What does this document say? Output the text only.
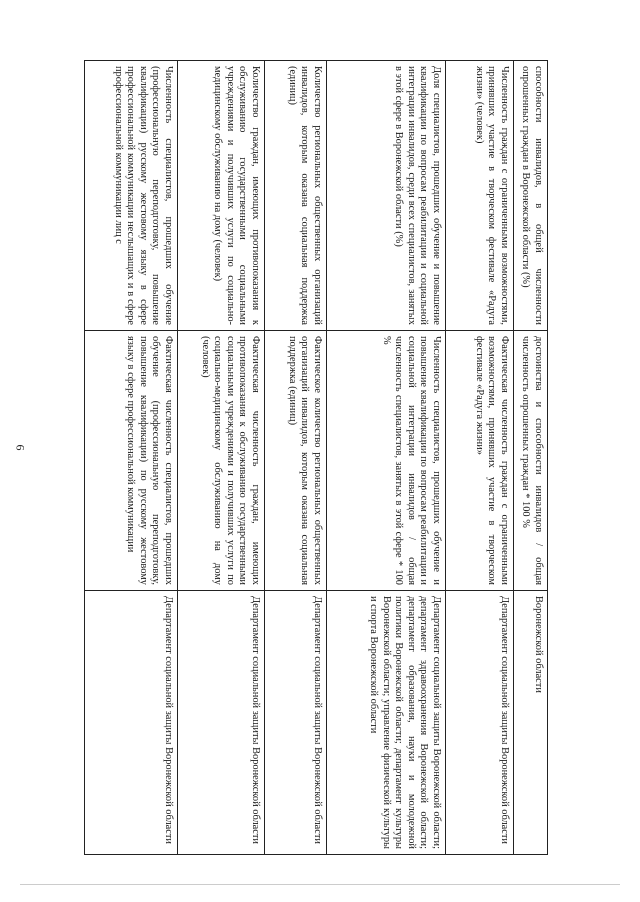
6
способности инвалидов, в общей численности опрошенных граждан в Воронежской области (%)	достоинства и способности инвалидов / общая численность опрошенных граждан * 100 %	Воронежской области
Численность граждан с ограниченными возможностями, принявших участие в творческом фестивале «Радуга жизни» (человек)	Фактическая численность граждан с ограниченными возможностями, принявших участие в творческом фестивале «Радуга жизни»	Департамент социальной защиты Воронежской области
Доля специалистов, прошедших обучение и повышение квалификации по вопросам реабилитации и социальной интеграции инвалидов, среди всех специалистов, занятых в этой сфере в Воронежской области (%)	Численность специалистов, прошедших обучение и повышение квалификации по вопросам реабилитации и социальной интеграции инвалидов / общая численность специалистов, занятых в этой сфере * 100 %	Департамент социальной защиты Воронежской области; департамент здравоохранения Воронежской области; департамент образования, науки и молодежной политики Воронежской области; департамент культуры Воронежской области; управление физической культуры и спорта Воронежской области
Количество региональных общественных организаций инвалидов, которым оказана социальная поддержка (единиц)	Фактическое количество региональных общественных организаций инвалидов, которым оказана социальная поддержка (единиц)	Департамент социальной защиты Воронежской области
Количество граждан, имеющих противопоказания к обслуживанию государственными социальными учреждениями и получивших услуги по социально-медицинскому обслуживанию на дому (человек)	Фактическая численность граждан, имеющих противопоказания к обслуживанию государственными социальными учреждениями и получивших услуги по социально-медицинскому обслуживанию на дому (человек)	Департамент социальной защиты Воронежской области
Численность специалистов, прошедших обучение (профессиональную переподготовку, повышение квалификации) русскому жестовому языку в сфере профессиональной коммуникации неслышащих и в сфере профессиональной коммуникации лиц с	Фактическая численность специалистов, прошедших обучение (профессиональную переподготовку, повышение квалификации) по русскому жестовому языку в сфере профессиональной коммуникации	Департамент социальной защиты Воронежской области
